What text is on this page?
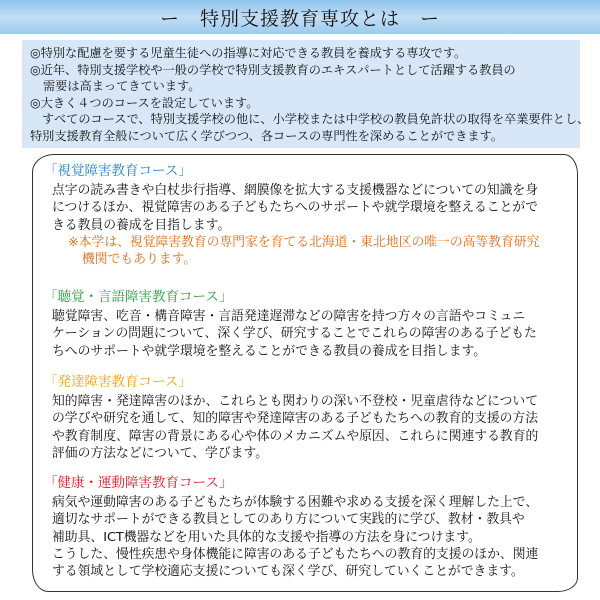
ー　特別支援教育専攻とは　ー
◎特別な配慮を要する児童生徒への指導に対応できる教員を養成する専攻です。
◎近年、特別支援学校や一般の学校で特別支援教育のエキスパートとして活躍する教員の
需要は高まってきています。
◎大きく４つのコースを設定しています。
すべてのコースで、特別支援学校の他に、小学校または中学校の教員免許状の取得を卒業要件とし、
特別支援教育全般について広く学びつつ、各コースの専門性を深めることができます。
「視覚障害教育コース」
点字の読み書きや白杖歩行指導、網膜像を拡大する支援機器などについての知識を身
につけるほか、視覚障害のある子どもたちへのサポートや就学環境を整えることがで
きる教員の養成を目指します。
※本学は、視覚障害教育の専門家を育てる北海道・東北地区の唯一の高等教育研究
機関でもあります。
「聴覚・言語障害教育コース」
聴覚障害、吃音・構音障害・言語発達遅滞などの障害を持つ方々の言語やコミュニ
ケーションの問題について、深く学び、研究することでこれらの障害のある子どもた
ちへのサポートや就学環境を整えることができる教員の養成を目指します。
「発達障害教育コース」
知的障害・発達障害のほか、これらとも関わりの深い不登校・児童虐待などについて
の学びや研究を通して、知的障害や発達障害のある子どもたちへの教育的支援の方法
や教育制度、障害の背景にある心や体のメカニズムや原因、これらに関連する教育的
評価の方法などについて、学びます。
「健康・運動障害教育コース」
病気や運動障害のある子どもたちが体験する困難や求める支援を深く理解した上で、
適切なサポートができる教員としてのあり方について実践的に学び、教材・教具や
補助具、ICT機器などを用いた具体的な支援や指導の方法を身につけます。
こうした、慢性疾患や身体機能に障害のある子どもたちへの教育的支援のほか、関連
する領域として学校適応支援についても深く学び、研究していくことができます。
